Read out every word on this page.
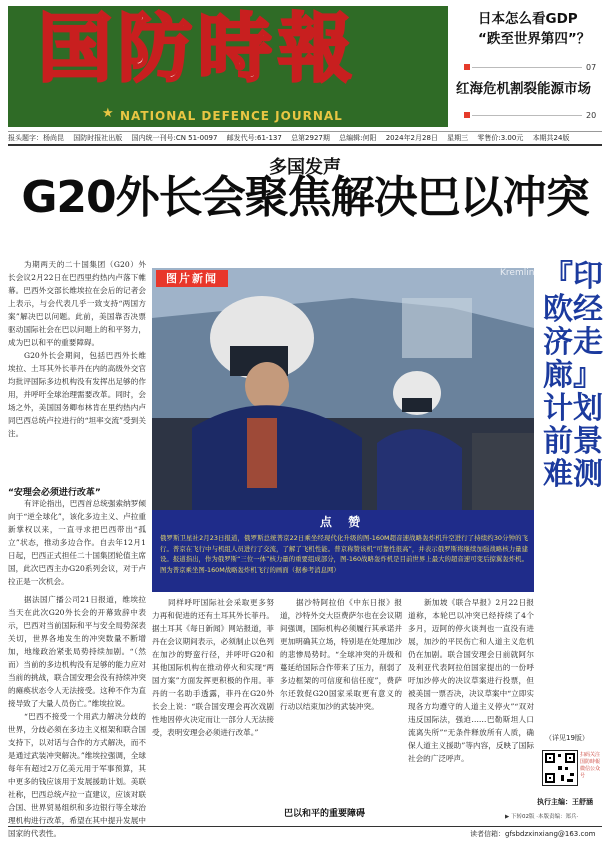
国防時報
★ NATIONAL DEFENCE JOURNAL
日本怎么看GDP
“跌至世界第四”？
07
红海危机割裂能源市场
20
报头题字：杨尚昆 国防时报社出版 国内统一刊号:CN 51-0097 邮发代号:61-137 总第2927期 总编辑:何阳 2024年2月28日 星期三 零售价:3.00元 本期共24版
多国发声
G20外长会聚焦解决巴以冲突

为期两天的二十国集团（G20）外长会议2月22日在巴西里约热内卢落下帷幕。巴西外交部长维埃拉在会后的记者会上表示，与会代表几乎一致支持“两国方案”解决巴以问题。此前，美国靠否决票驱动国际社会在巴以问题上的和平努力，成为巴以和平的重要障碍。

G20外长会期间，包括巴西外长维埃拉、土耳其外长菲丹在内的高级外交官均批评国际多边机构没有发挥出足够的作用，并呼吁全球治理需要改革。同时，会场之外，美国国务卿布林肯在里约热内卢同巴西总统卢拉进行的“坦率交流”受到关注。

“安理会必须进行改革”

有评论指出，巴西首总统强索纳罗倾向于“逆全球化”，该化多边主义、卢拉重新掌权以来，一直寻求把巴西带出“孤立”状态，推动多边合作。自去年12月1日起，巴西正式担任二十国集团轮值主席国，此次巴西主办G20系列会议，对于卢拉正是一次机会。

据法国广播公司21日报道，维埃拉当天在此次G20外长会的开幕致辞中表示，巴西对当前国际和平与安全局势深表关切，世界各地发生的冲突数量不断增加，地缘政治紧张局势持续加剧。“（然而）当前的多边机构没有足够的能力应对当前的挑战，联合国安理会没有持续冲突的瘫痪状态令人无法接受。这种不作为直接导致了大量人员伤亡。”维埃拉说。

“巴西不接受一个用武力解决分歧的世界，分歧必须在多边主义框架和联合国支持下，以对话与合作的方式解决，而不是通过武装冲突解决。”维埃拉强调，全球每年有超过2万亿美元用于军事预算，其中更多的钱应该用于发展援助计划。美联社称，巴西总统卢拉一直建议，应该对联合国、世界贸易组织和多边银行等全球治理机构进行改革，希望在其中提升发展中国家的代表性。

同样呼吁国际社会采取更多努力再和促进的还有土耳其外长菲丹。据土耳其《每日新闻》网站报道，菲丹在会议期间表示，必须制止以色列在加沙的野蛮行径，并呼吁G20和其他国际机构在推动停火和实现“两国方案”方面发挥更积极的作用。菲丹的一名助手透露，菲丹在G20外长会上说：“联合国安理会再次戏剧性地因停火决定而让一部分人无法接受，表明安理会必须进行改革。”

据沙特阿拉伯《中东日报》报道，沙特外交大臣费萨尔也在会议期间强调，国际机构必须履行其承诺并更加明确其立场，特别是在处理加沙的悲惨局势时。“全球冲突的升级和蔓延给国际合作带来了压力，削弱了多边框架的可信度和信任度”，费萨尔还敦促G20国家采取更有意义的行动以结束加沙的武装冲突。

巴以和平的重要障碍

新加坡《联合早报》2月22日报道称，本轮巴以冲突已经持续了4个多月，迈阿的停火谈判也一直没有进展，加沙的平民伤亡和人道主义危机仍在加剧。联合国安理会日前就阿尔及利亚代表阿拉伯国家提出的一份呼吁加沙停火的决议草案进行投票，但被美国一票否决，决议草案中“立即实现各方均遵守的人道主义停火”“双对违反国际法，强迫……巴勒斯坦人口流离失所”“无条件释放所有人质，确保人道主义援助”等内容，反映了国际社会的广泛呼声。

图片新闻	Kremlin
点 赞
俄罗斯卫星社2月23日报道，俄罗斯总统普京22日乘坐经现代化升级的图-160M超音速战略轰炸机升空进行了持续约30分钟的飞行。普京在飞行中与机组人员进行了交流，了解了飞机性能。普京称赞该机“可靠性很高”，并表示俄罗斯将继续加强战略核力量建设。报道指出，作为俄罗斯“三位一体”核力量的重要组成部分，图-160战略轰炸机是目前世界上最大的超音速可变后掠翼轰炸机。图为普京乘坐图-160M战略轰炸机飞行的画面（据参考消息网）
『印欧经济走廊』计划前景难测
（详见19版）
扫码关注国防時報微信公众号
执行主编：王舒涵
▶ 下转02版 ·本版责编：郑兵·
读者信箱：gfsbdzxinxiang@163.com
